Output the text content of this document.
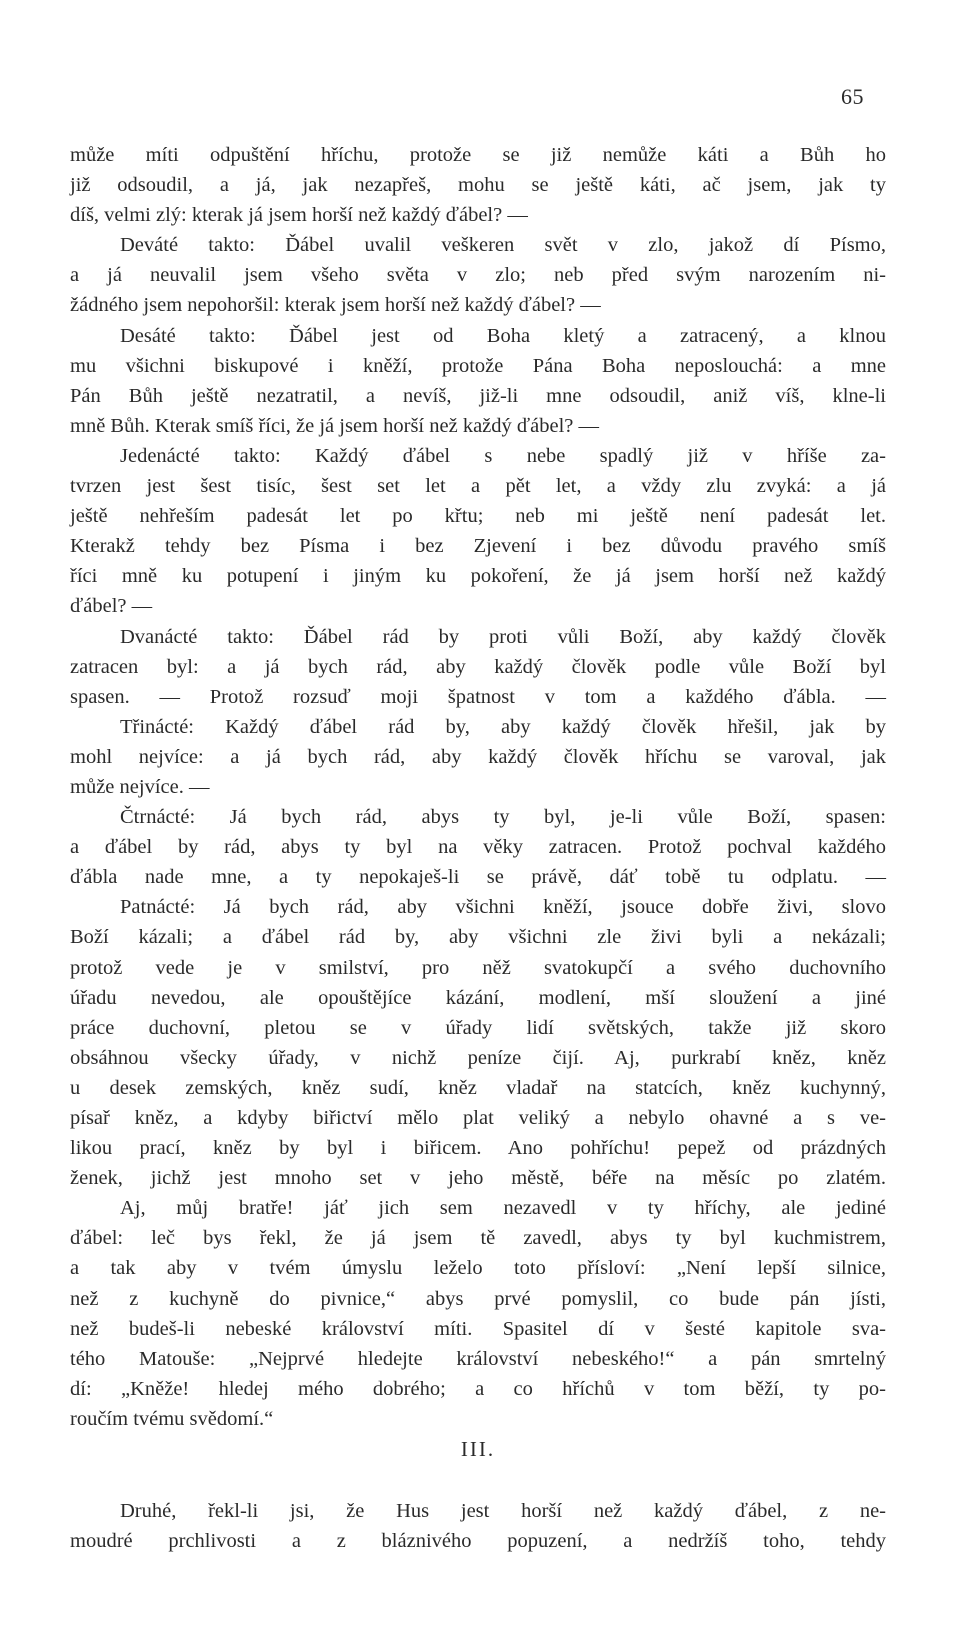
65
může míti odpuštění hříchu, protože se již nemůže káti a Bůh ho
již odsoudil, a já, jak nezapřeš, mohu se ještě káti, ač jsem, jak ty
díš, velmi zlý: kterak já jsem horší než každý ďábel? —
Deváté takto: Ďábel uvalil veškeren svět v zlo, jakož dí Písmo,
a já neuvalil jsem všeho světa v zlo; neb před svým narozením ni-
žádného jsem nepohoršil: kterak jsem horší než každý ďábel? —
Desáté takto: Ďábel jest od Boha kletý a zatracený, a klnou
mu všichni biskupové i kněží, protože Pána Boha neposlouchá: a mne
Pán Bůh ještě nezatratil, a nevíš, již-li mne odsoudil, aniž víš, klne-li
mně Bůh. Kterak smíš říci, že já jsem horší než každý ďábel? —
Jedenácté takto: Každý ďábel s nebe spadlý již v hříše za-
tvrzen jest šest tisíc, šest set let a pět let, a vždy zlu zvyká: a já
ještě nehřeším padesát let po křtu; neb mi ještě není padesát let.
Kterakž tehdy bez Písma i bez Zjevení i bez důvodu pravého smíš
říci mně ku potupení i jiným ku pokoření, že já jsem horší než každý
ďábel? —
Dvanácté takto: Ďábel rád by proti vůli Boží, aby každý člověk
zatracen byl: a já bych rád, aby každý člověk podle vůle Boží byl
spasen. — Protož rozsuď moji špatnost v tom a každého ďábla. —
Třinácté: Každý ďábel rád by, aby každý člověk hřešil, jak by
mohl nejvíce: a já bych rád, aby každý člověk hříchu se varoval, jak
může nejvíce. —
Čtrnácté: Já bych rád, abys ty byl, je-li vůle Boží, spasen:
a ďábel by rád, abys ty byl na věky zatracen. Protož pochval každého
ďábla nade mne, a ty nepokaješ-li se právě, dáť tobě tu odplatu. —
Patnácté: Já bych rád, aby všichni kněží, jsouce dobře živi, slovo
Boží kázali; a ďábel rád by, aby všichni zle živi byli a nekázali;
protož vede je v smilství, pro něž svatokupčí a svého duchovního
úřadu nevedou, ale opouštějíce kázání, modlení, mší sloužení a jiné
práce duchovní, pletou se v úřady lidí světských, takže již skoro
obsáhnou všecky úřady, v nichž peníze čijí. Aj, purkrabí kněz, kněz
u desek zemských, kněz sudí, kněz vladař na statcích, kněz kuchynný,
písař kněz, a kdyby biřictví mělo plat veliký a nebylo ohavné a s ve-
likou prací, kněz by byl i biřicem. Ano pohříchu! pepež od prázdných
ženek, jichž jest mnoho set v jeho městě, béře na měsíc po zlatém.
Aj, můj bratře! jáť jich sem nezavedl v ty hříchy, ale jediné
ďábel: leč bys řekl, že já jsem tě zavedl, abys ty byl kuchmistrem,
a tak aby v tvém úmyslu leželo toto přísloví: „Není lepší silnice,
než z kuchyně do pivnice,“ abys prvé pomyslil, co bude pán jísti,
než budeš-li nebeské království míti. Spasitel dí v šesté kapitole sva-
tého Matouše: „Nejprvé hledejte království nebeského!“ a pán smrtelný
dí: „Kněže! hledej mého dobrého; a co hříchů v tom běží, ty po-
roučím tvému svědomí.“
III.
Druhé, řekl-li jsi, že Hus jest horší než každý ďábel, z ne-
moudré prchlivosti a z bláznivého popuzení, a nedržíš toho, tehdy
